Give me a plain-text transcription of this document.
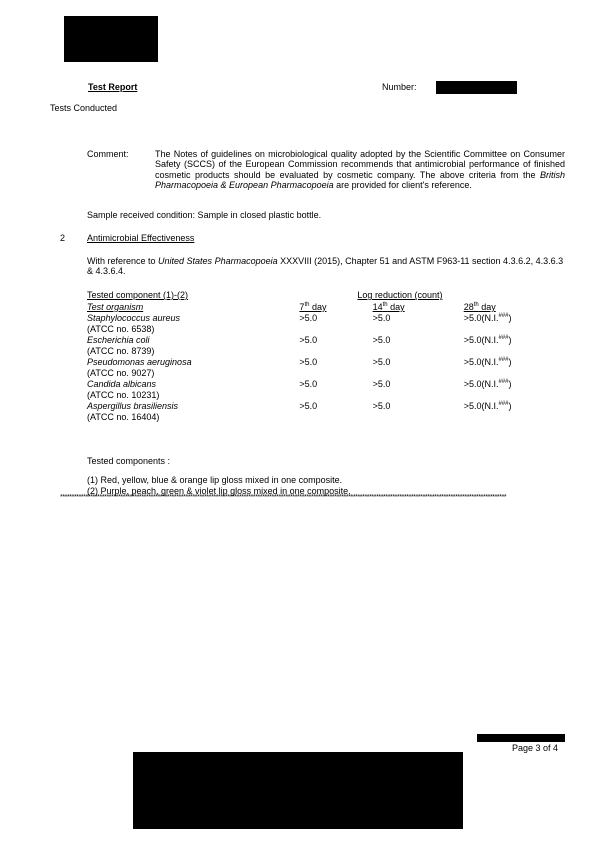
Test Report	Number:
Tests Conducted
Comment:	The Notes of guidelines on microbiological quality adopted by the Scientific Committee on Consumer Safety (SCCS) of the European Commission recommends that antimicrobial performance of finished cosmetic products should be evaluated by cosmetic company. The above criteria from the British Pharmacopoeia & European Pharmacopoeia are provided for client's reference.
Sample received condition: Sample in closed plastic bottle.
2 Antimicrobial Effectiveness
With reference to United States Pharmacopoeia XXXVIII (2015), Chapter 51 and ASTM F963-11 section 4.3.6.2, 4.3.6.3 & 4.3.6.4.
Tested component (1)-(2)	Log reduction (count)		
Test organism	7th day	14th day	28th day

Staphylococcus aureus
(ATCC no. 6538)	>5.0	>5.0	>5.0(N.I.###)

Escherichia coli
(ATCC no. 8739)	>5.0	>5.0	>5.0(N.I.###)

Pseudomonas aeruginosa
(ATCC no. 9027)	>5.0	>5.0	>5.0(N.I.###)

Candida albicans
(ATCC no. 10231)	>5.0	>5.0	>5.0(N.I.###)

Aspergillus brasiliensis
(ATCC no. 16404)	>5.0	>5.0	>5.0(N.I.###)
Tested components :
(1) Red, yellow, blue & orange lip gloss mixed in one composite.
(2) Purple, peach, green & violet lip gloss mixed in one composite.
************************************************************************************************************************************************************************************************
Page 3 of 4
